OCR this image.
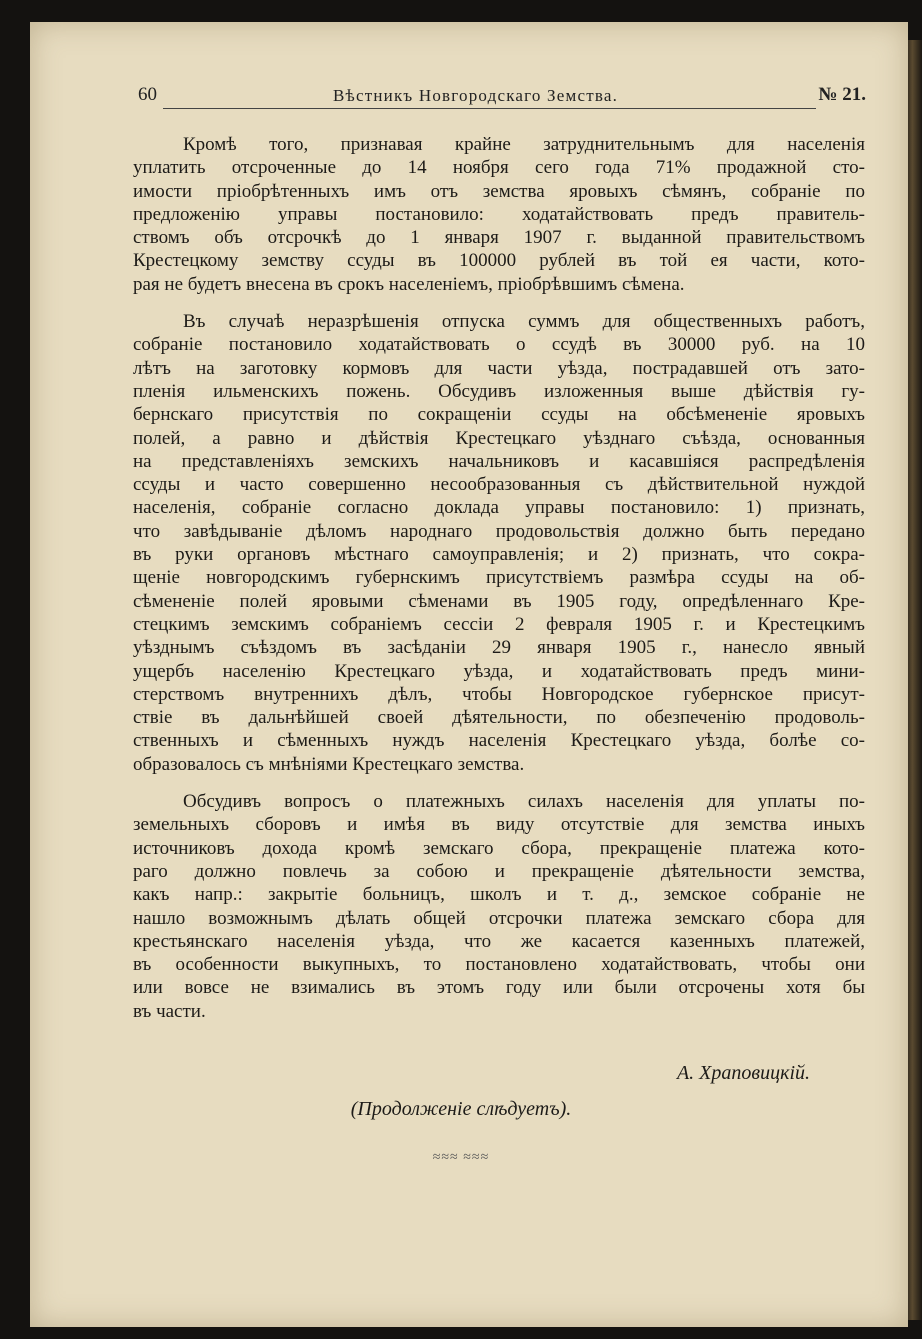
60	Вѣстникъ Новгородскаго Земства.	№ 21.
Кромѣ того, признавая крайне затруднительнымъ для населенія
уплатить отсроченные до 14 ноября сего года 71% продажной сто-
имости пріобрѣтенныхъ имъ отъ земства яровыхъ сѣмянъ, собраніе по
предложенію управы постановило: ходатайствовать предъ правитель-
ствомъ объ отсрочкѣ до 1 января 1907 г. выданной правительствомъ
Крестецкому земству ссуды въ 100000 рублей въ той ея части, кото-
рая не будетъ внесена въ срокъ населеніемъ, пріобрѣвшимъ сѣмена.
Въ случаѣ неразрѣшенія отпуска суммъ для общественныхъ работъ,
собраніе постановило ходатайствовать о ссудѣ въ 30000 руб. на 10
лѣтъ на заготовку кормовъ для части уѣзда, пострадавшей отъ зато-
пленія ильменскихъ пожень. Обсудивъ изложенныя выше дѣйствія гу-
бернскаго присутствія по сокращеніи ссуды на обсѣмененіе яровыхъ
полей, а равно и дѣйствія Крестецкаго уѣзднаго съѣзда, основанныя
на представленіяхъ земскихъ начальниковъ и касавшіяся распредѣленія
ссуды и часто совершенно несообразованныя съ дѣйствительной нуждой
населенія, собраніе согласно доклада управы постановило: 1) признать,
что завѣдываніе дѣломъ народнаго продовольствія должно быть передано
въ руки органовъ мѣстнаго самоуправленія; и 2) признать, что сокра-
щеніе новгородскимъ губернскимъ присутствіемъ размѣра ссуды на об-
сѣмененіе полей яровыми сѣменами въ 1905 году, опредѣленнаго Кре-
стецкимъ земскимъ собраніемъ сессіи 2 февраля 1905 г. и Крестецкимъ
уѣзднымъ съѣздомъ въ засѣданіи 29 января 1905 г., нанесло явный
ущербъ населенію Крестецкаго уѣзда, и ходатайствовать предъ мини-
стерствомъ внутреннихъ дѣлъ, чтобы Новгородское губернское присут-
ствіе въ дальнѣйшей своей дѣятельности, по обезпеченію продоволь-
ственныхъ и сѣменныхъ нуждъ населенія Крестецкаго уѣзда, болѣе со-
образовалось съ мнѣніями Крестецкаго земства.
Обсудивъ вопросъ о платежныхъ силахъ населенія для уплаты по-
земельныхъ сборовъ и имѣя въ виду отсутствіе для земства иныхъ
источниковъ дохода кромѣ земскаго сбора, прекращеніе платежа кото-
раго должно повлечь за собою и прекращеніе дѣятельности земства,
какъ напр.: закрытіе больницъ, школъ и т. д., земское собраніе не
нашло возможнымъ дѣлать общей отсрочки платежа земскаго сбора для
крестьянскаго населенія уѣзда, что же касается казенныхъ платежей,
въ особенности выкупныхъ, то постановлено ходатайствовать, чтобы они
или вовсе не взимались въ этомъ году или были отсрочены хотя бы
въ части.
А. Храповицкій.
(Продолженіе слѣдуетъ).
≈≈≈ ≈≈≈
